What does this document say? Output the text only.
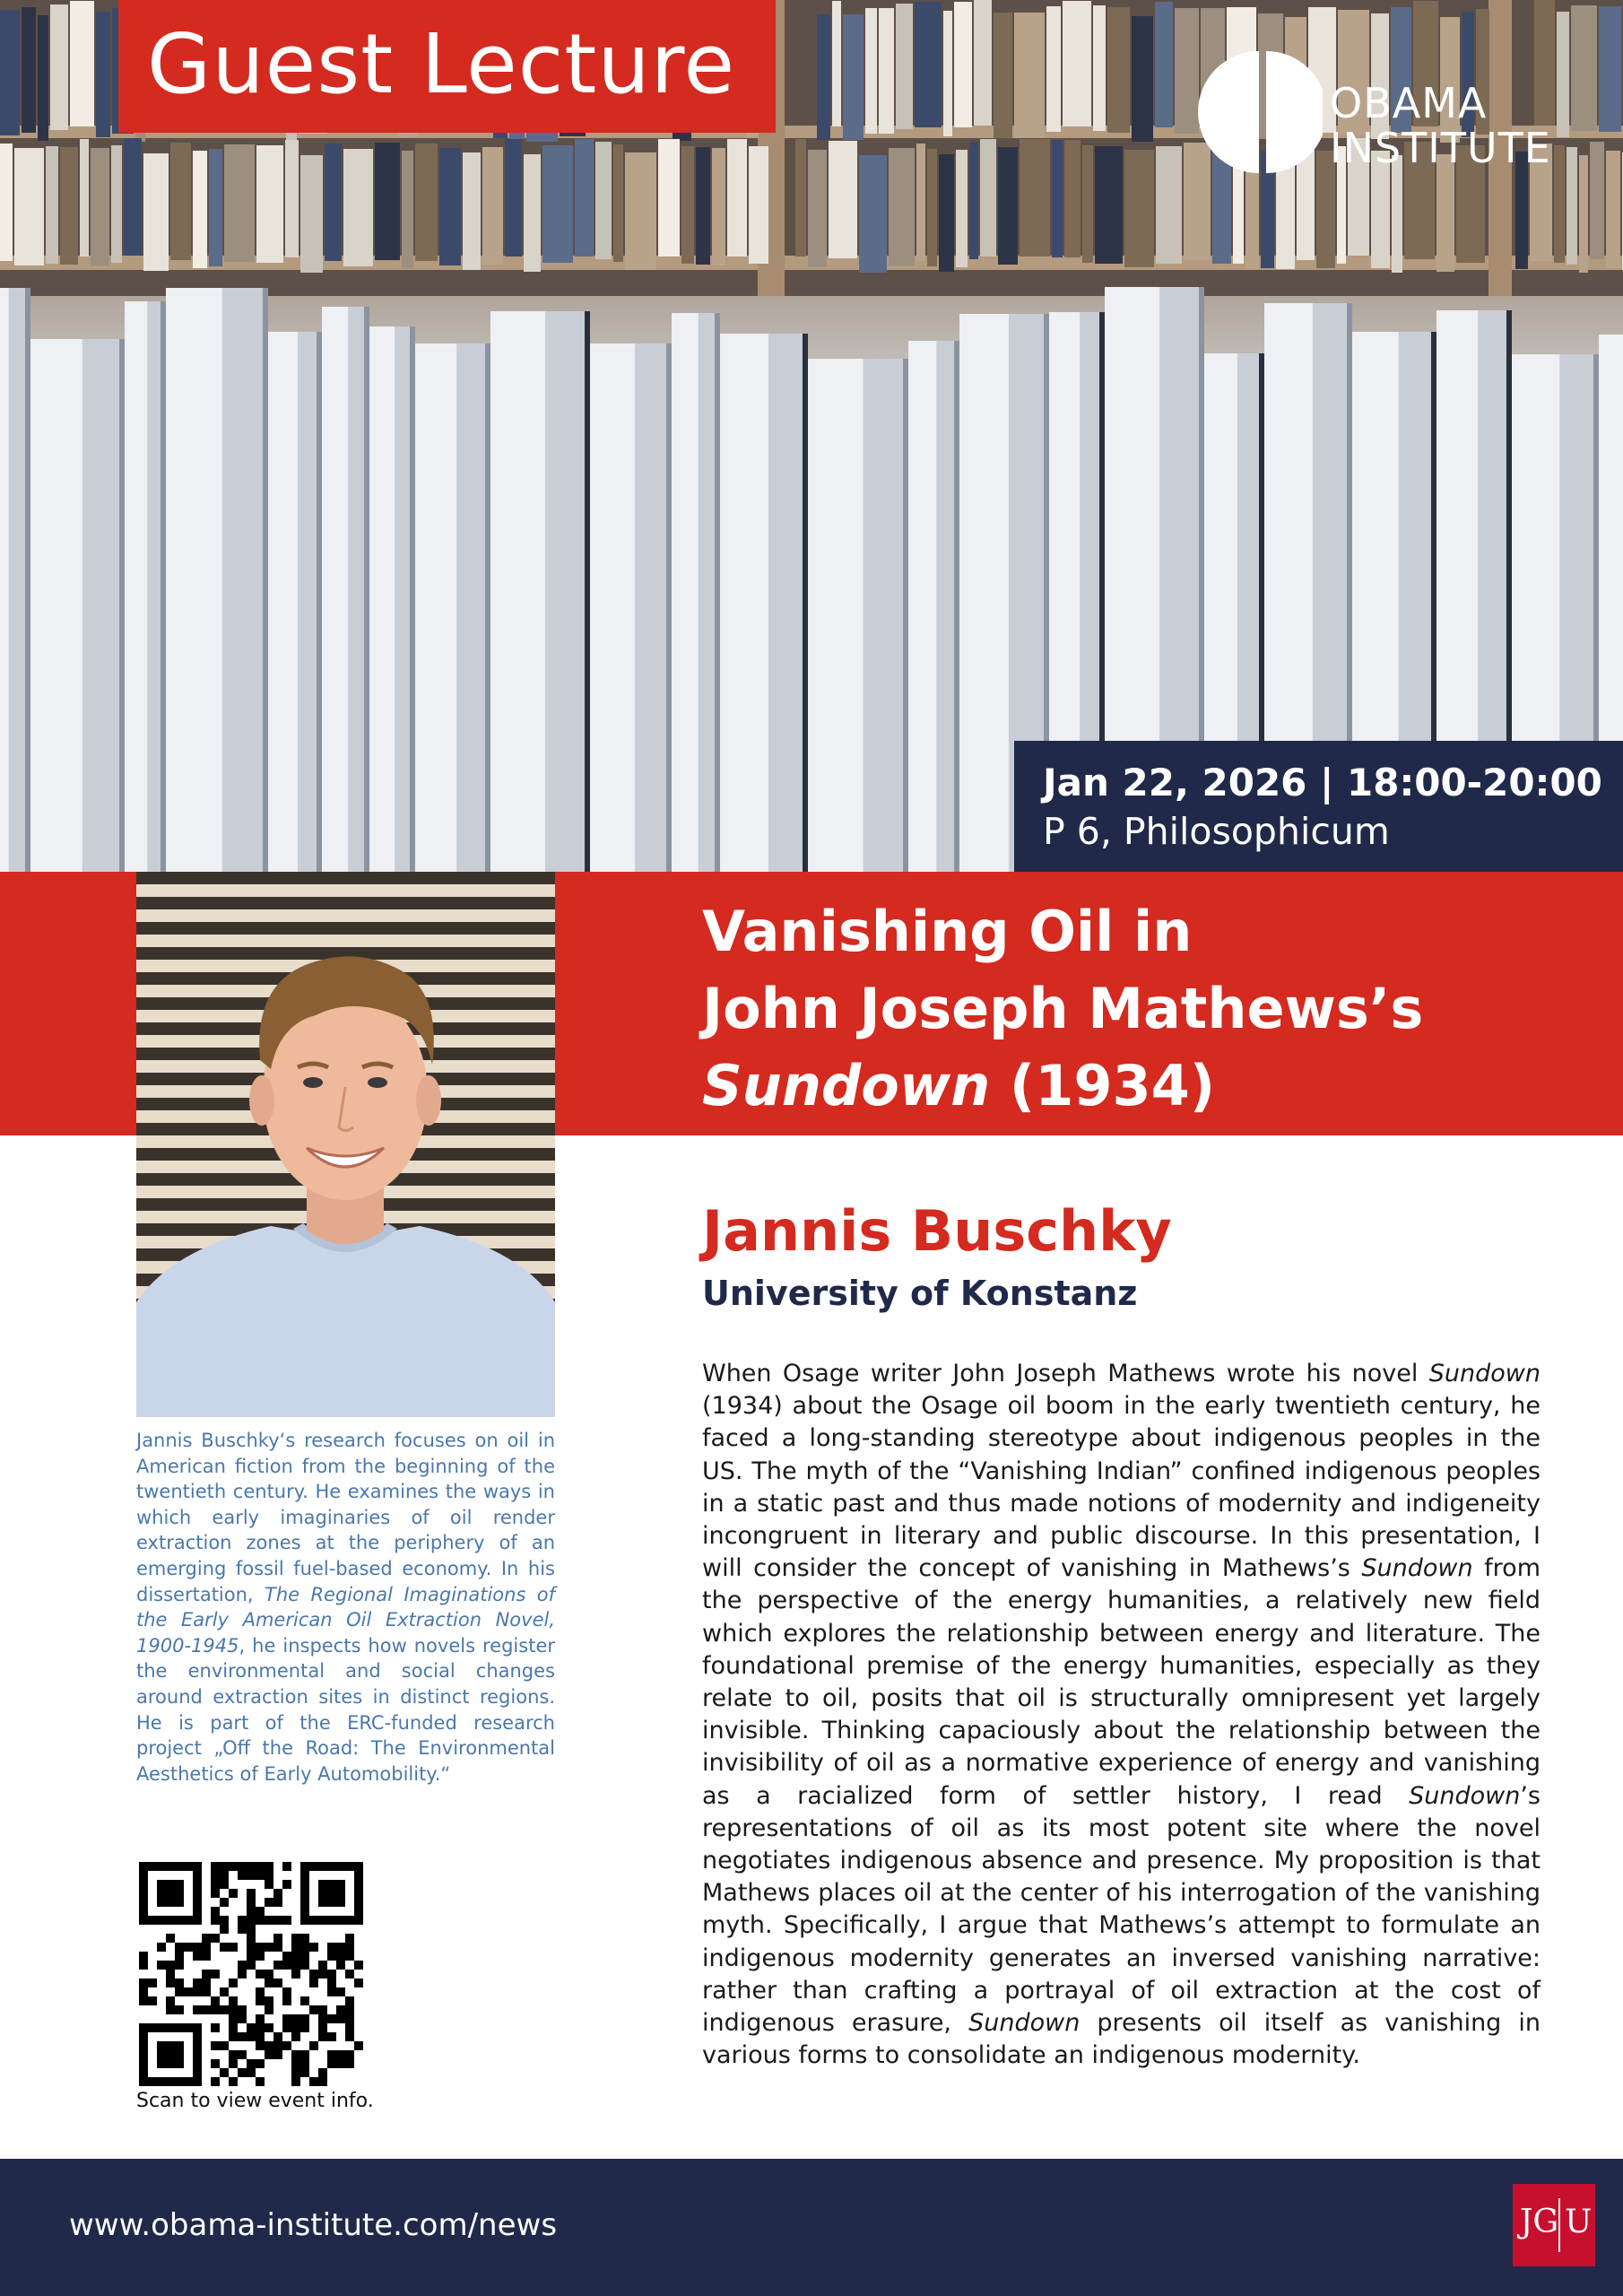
Guest Lecture	OBAMA
INSTITUTE
Jan 22, 2026 | 18:00-20:00
P 6, Philosophicum
Vanishing Oil in
John Joseph Mathews’s
Sundown (1934)
Jannis Buschky‘s research focuses on oil in American fiction from the beginning of the twentieth century. He examines the ways in which early imaginaries of oil render extraction zones at the periphery of an emerging fossil fuel-based economy. In his dissertation, The Regional Imaginations of the Early American Oil Extraction Novel, 1900-1945, he inspects how novels register the environmental and social changes around extraction sites in distinct regions. He is part of the ERC-funded research project „Off the Road: The Environmental Aesthetics of Early Automobility.“
Scan to view event info.
Jannis Buschky
University of Konstanz
When Osage writer John Joseph Mathews wrote his novel Sundown (1934) about the Osage oil boom in the early twentieth century, he faced a long-standing stereotype about indigenous peoples in the US. The myth of the “Vanishing Indian” confined indigenous peoples in a static past and thus made notions of modernity and indigeneity incongruent in literary and public discourse. In this presentation, I will consider the concept of vanishing in Mathews’s Sundown from the perspective of the energy humanities, a relatively new field which explores the relationship between energy and literature. The foundational premise of the energy humanities, especially as they relate to oil, posits that oil is structurally omnipresent yet largely invisible. Thinking capaciously about the relationship between the invisibility of oil as a normative experience of energy and vanishing as a racialized form of settler history, I read Sundown’s representations of oil as its most potent site where the novel negotiates indigenous absence and presence. My proposition is that Mathews places oil at the center of his interrogation of the vanishing myth. Specifically, I argue that Mathews’s attempt to formulate an indigenous modernity generates an inversed vanishing narrative: rather than crafting a portrayal of oil extraction at the cost of indigenous erasure, Sundown presents oil itself as vanishing in various forms to consolidate an indigenous modernity.
www.obama-institute.com/news	JG U
